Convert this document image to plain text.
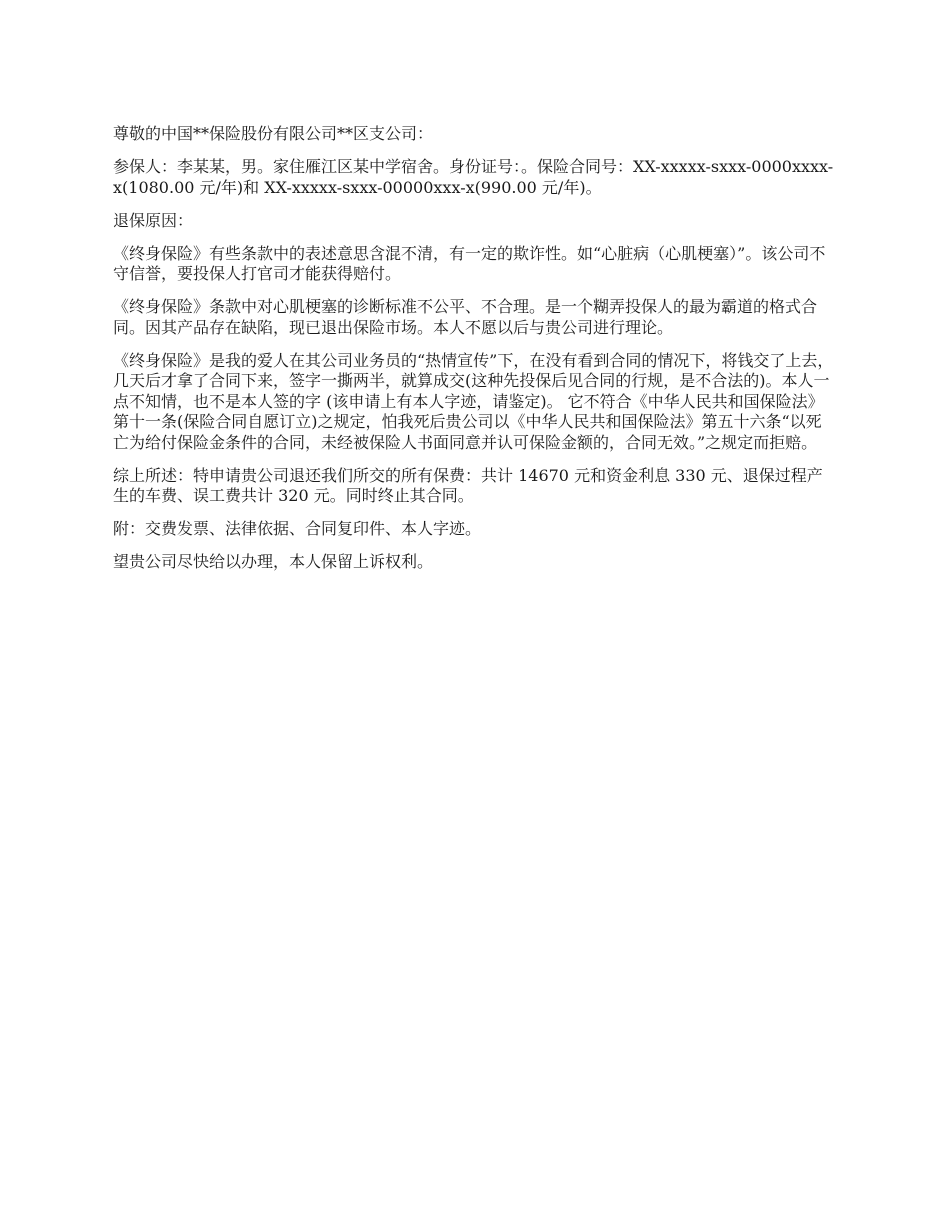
尊敬的中国**保险股份有限公司**区支公司：

参保人：李某某，男。家住雁江区某中学宿舍。身份证号：。保险合同号：XX-xxxxx-sxxx-0000xxxx-x(1080.00 元/年)和 XX-xxxxx-sxxx-00000xxx-x(990.00 元/年)。

退保原因：

《终身保险》有些条款中的表述意思含混不清，有一定的欺诈性。如“心脏病（心肌梗塞）”。该公司不守信誉，要投保人打官司才能获得赔付。

《终身保险》条款中对心肌梗塞的诊断标准不公平、不合理。是一个糊弄投保人的最为霸道的格式合同。因其产品存在缺陷，现已退出保险市场。本人不愿以后与贵公司进行理论。

《终身保险》是我的爱人在其公司业务员的“热情宣传”下，在没有看到合同的情况下，将钱交了上去，几天后才拿了合同下来，签字一撕两半，就算成交(这种先投保后见合同的行规，是不合法的)。本人一点不知情，也不是本人签的字 (该申请上有本人字迹，请鉴定)。 它不符合《中华人民共和国保险法》第十一条(保险合同自愿订立)之规定，怕我死后贵公司以《中华人民共和国保险法》第五十六条“以死亡为给付保险金条件的合同，未经被保险人书面同意并认可保险金额的，合同无效。”之规定而拒赔。

综上所述：特申请贵公司退还我们所交的所有保费：共计 14670 元和资金利息 330 元、退保过程产生的车费、误工费共计 320 元。同时终止其合同。

附：交费发票、法律依据、合同复印件、本人字迹。

望贵公司尽快给以办理，本人保留上诉权利。
